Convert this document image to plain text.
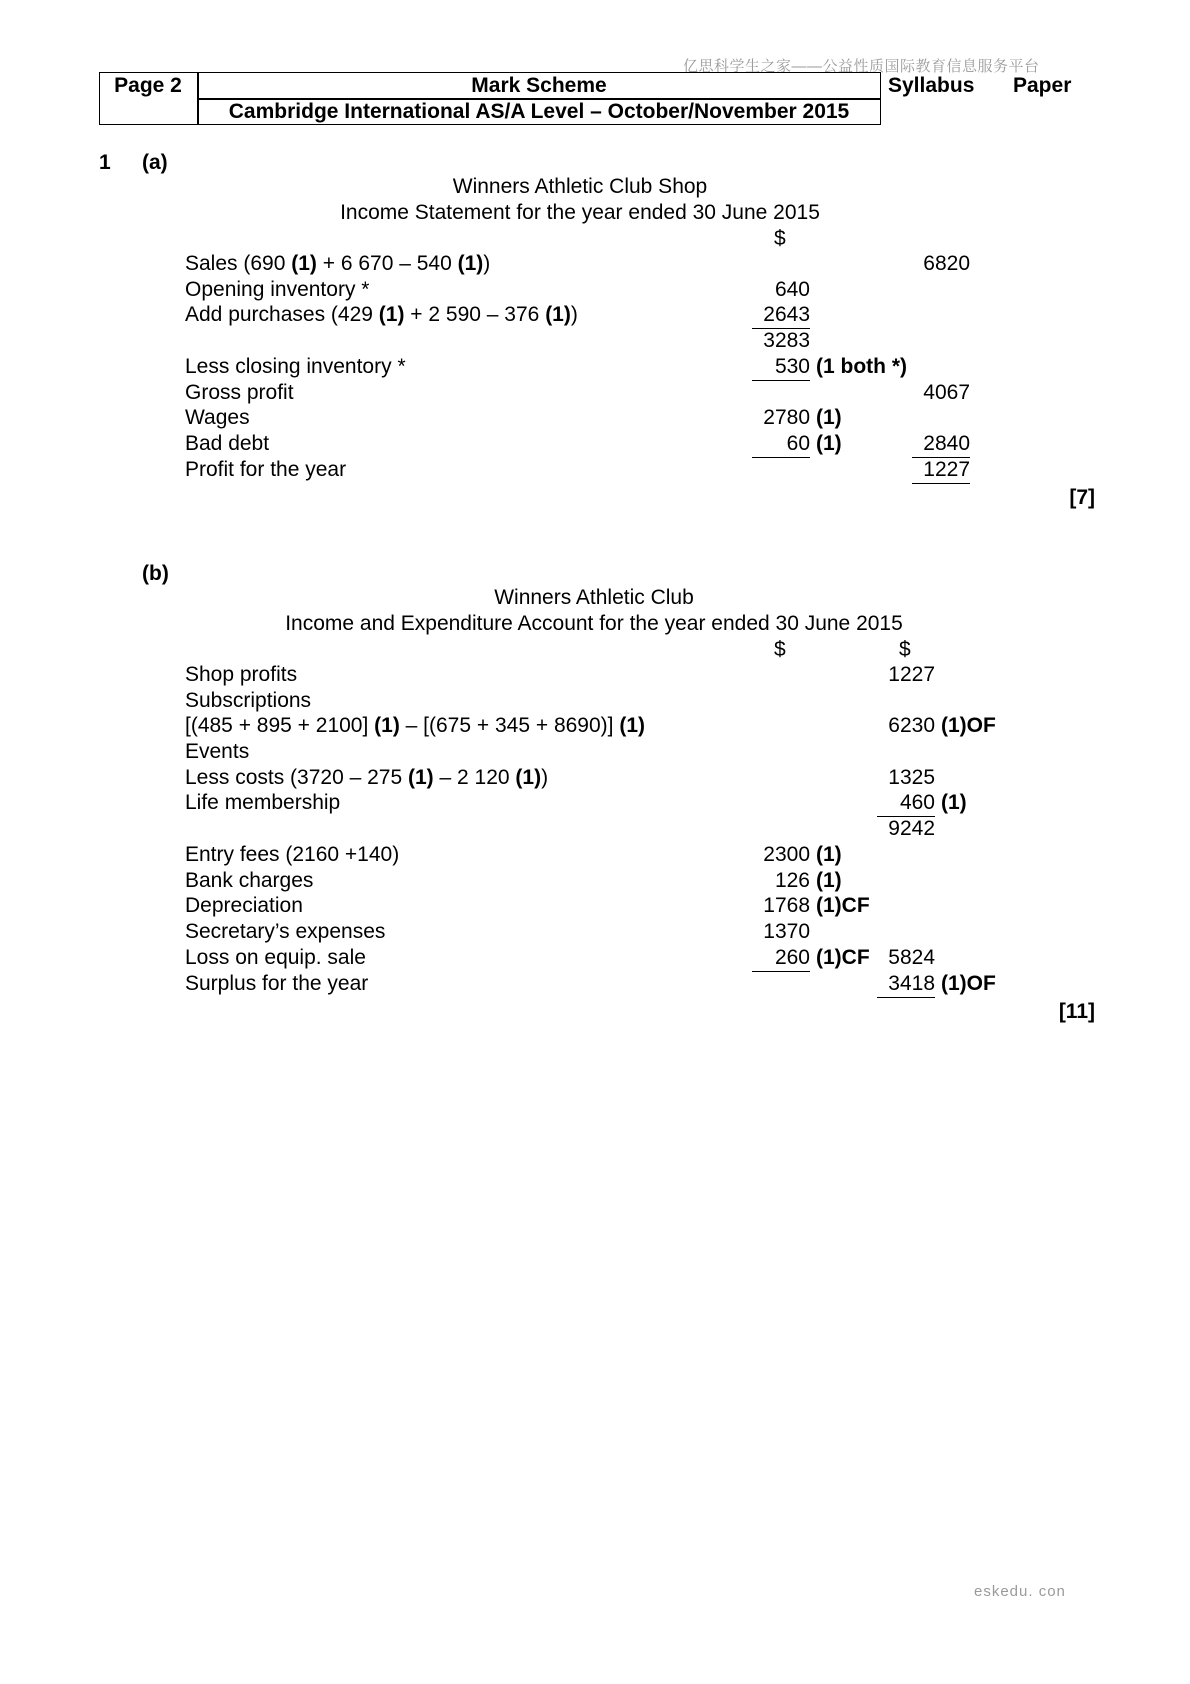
亿思科学生之家——公益性质国际教育信息服务平台
Page 2	Mark Scheme
Cambridge International AS/A Level – October/November 2015
Syllabus Paper
1 (a)
Winners Athletic Club Shop
Income Statement for the year ended 30 June 2015
$
Sales (690 (1) + 6 670 – 540 (1))	6820
Opening inventory *	640
Add purchases (429 (1) + 2 590 – 376 (1))	2643
3283
Less closing inventory *	530 (1 both *)
Gross profit	4067
Wages	2780 (1)
Bad debt	60 (1)	2840
Profit for the year	1227
[7]
(b)
Winners Athletic Club
Income and Expenditure Account for the year ended 30 June 2015
$	$
Shop profits	1227
Subscriptions
[(485 + 895 + 2100] (1) – [(675 + 345 + 8690)] (1)	6230 (1)OF
Events
Less costs (3720 – 275 (1) – 2 120 (1))	1325
Life membership	460 (1)
9242
Entry fees (2160 +140)	2300 (1)
Bank charges	126 (1)
Depreciation	1768 (1)CF
Secretary’s expenses	1370
Loss on equip. sale	260 (1)CF 5824
Surplus for the year	3418 (1)OF
[11]
eskedu. con
